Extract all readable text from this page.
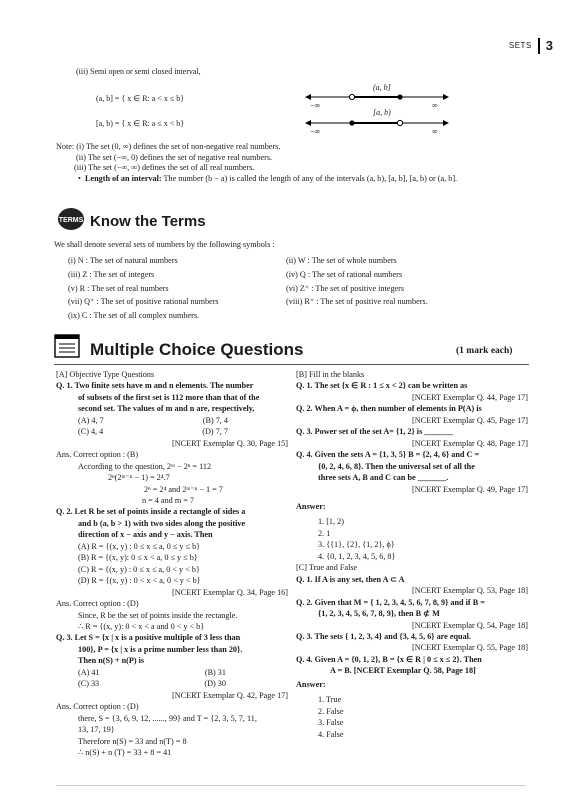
SETS 3
(iii) Semi open or semi closed interval,
(a, b] = { x ∈ R: a < x ≤ b}
[a, b) = { x ∈ R: a ≤ x < b}
(a, b]
[a, b)
−∞	∞
−∞	∞
Note: (i) The set (0, ∞) defines the set of non-negative real numbers.
(ii) The set (−∞, 0) defines the set of negative real numbers.
(iii) The set (−∞, ∞) defines the set of all real numbers.
•  Length of an interval: The number (b − a) is called the length of any of the intervals (a, b), [a, b], [a, b) or (a, b].
TERMS Know the Terms
We shall denote several sets of numbers by the following symbols :
(i) N : The set of natural numbers
(iii) Z : The set of integers
(v) R : The set of real numbers
(vii) Q⁺ : The set of positive rational numbers
(ix) C : The set of all complex numbers.
(ii) W : The set of whole numbers
(iv) Q : The set of rational numbers
(vi) Z⁺ : The set of positive integers
(viii) R⁺ : The set of positive real numbers.
Multiple Choice Questions	(1 mark each)
[A] Objective Type Questions
Q. 1. Two finite sets have m and n elements. The number
of subsets of the first set is 112 more than that of the
second set. The values of m and n are, respectively,
(A) 4, 7	(B) 7, 4
(C) 4, 4	(D) 7, 7
[NCERT Exemplar Q. 30, Page 15]
Ans. Correct option : (B)
According to the question, 2ᵐ − 2ⁿ = 112
2ⁿ(2ᵐ⁻ⁿ − 1) = 2⁴.7
2ⁿ = 2⁴ and 2ᵐ⁻ⁿ − 1 = 7
n = 4 and m = 7
Q. 2. Let R be set of points inside a rectangle of sides a
and b (a, b > 1) with two sides along the positive
direction of x − axis and y − axis. Then
(A) R = {(x, y) : 0 ≤ x ≤ a, 0 ≤ y ≤ b}
(B) R = {(x, y): 0 ≤ x < a, 0 ≤ y ≤ b}
(C) R = {(x, y) : 0 ≤ x ≤ a, 0 < y < b}
(D) R = {(x, y) : 0 < x < a, 0 < y < b}
[NCERT Exemplar Q. 34, Page 16]
Ans. Correct option : (D)
Since, R be the set of points inside the rectangle.
∴ R = {(x, y): 0 < x < a and 0 < y < b}
Q. 3. Let S = {x | x is a positive multiple of 3 less than
100}, P = {x | x is a prime number less than 20}.
Then n(S) + n(P) is
(A) 41	(B) 31
(C) 33	(D) 30
[NCERT Exemplar Q. 42, Page 17]
Ans. Correct option : (D)
there, S = {3, 6, 9, 12, ......, 99} and T = {2, 3, 5, 7, 11,
13, 17, 19}
Therefore n(S) = 33 and n(T) = 8
∴ n(S) + n (T) = 33 + 8 = 41
[B] Fill in the blanks
Q. 1. The set {x ∈ R : 1 ≤ x < 2} can be written as
[NCERT Exemplar Q. 44, Page 17]
Q. 2. When A = ϕ, then number of elements in P(A) is
[NCERT Exemplar Q. 45, Page 17]
Q. 3. Power set of the set A= {1, 2} is _______
[NCERT Exemplar Q. 48, Page 17]
Q. 4. Given the sets A = {1, 3, 5} B = {2, 4, 6} and C =
{0, 2, 4, 6, 8}. Then the universal set of all the
three sets A, B and C can be _______.
[NCERT Exemplar Q. 49, Page 17]
Answer:
1. [1, 2)
2. 1
3. {{1}, {2}, {1, 2}, ϕ}
4. {0, 1, 2, 3, 4, 5, 6, 8}
[C] True and False
Q. 1. If A is any set, then A ⊂ A
[NCERT Exemplar Q. 53, Page 18]
Q. 2. Given that M = { 1, 2, 3, 4, 5, 6, 7, 8, 9} and if B =
{1, 2, 3, 4, 5, 6, 7, 8, 9}, then B ⊄ M
[NCERT Exemplar Q. 54, Page 18]
Q. 3. The sets { 1, 2, 3, 4} and {3, 4, 5, 6} are equal.
[NCERT Exemplar Q. 55, Page 18]
Q. 4. Given A = {0, 1, 2}, B = {x ∈ R | 0 ≤ x ≤ 2}. Then
A = B. [NCERT Exemplar Q. 58, Page 18]
Answer:
1. True
2. False
3. False
4. False
